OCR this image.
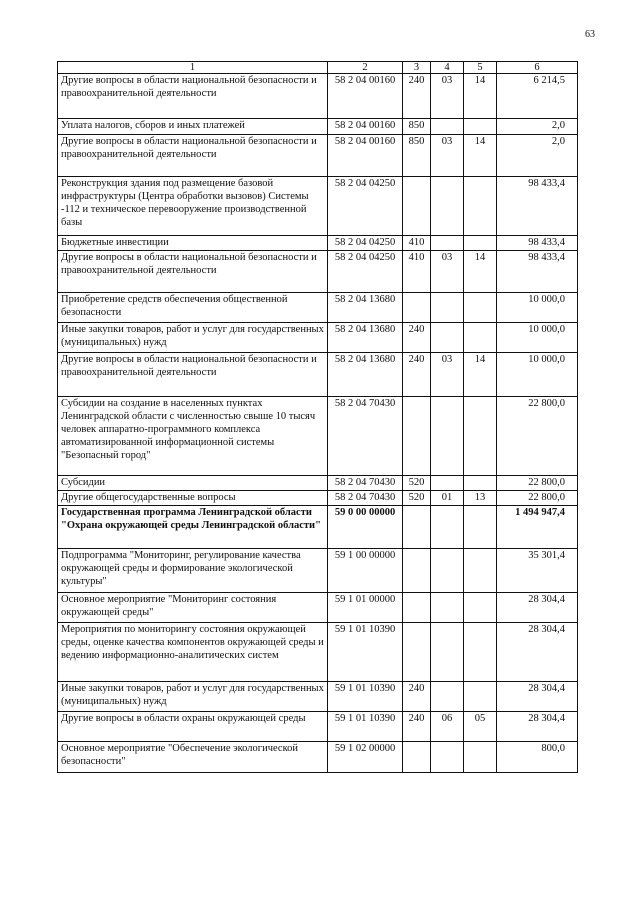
63
1	2	3	4	5	6
Другие вопросы в области национальной безопасности и правоохранительной деятельности	58 2 04 00160	240	03	14	6 214,5
Уплата налогов, сборов и иных платежей	58 2 04 00160	850			2,0
Другие вопросы в области национальной безопасности и правоохранительной деятельности	58 2 04 00160	850	03	14	2,0
Реконструкция здания под размещение базовой инфраструктуры (Центра обработки вызовов) Системы -112 и техническое перевооружение производственной базы	58 2 04 04250				98 433,4
Бюджетные инвестиции	58 2 04 04250	410			98 433,4
Другие вопросы в области национальной безопасности и правоохранительной деятельности	58 2 04 04250	410	03	14	98 433,4
Приобретение средств обеспечения общественной безопасности	58 2 04 13680				10 000,0
Иные закупки товаров, работ и услуг для государственных (муниципальных) нужд	58 2 04 13680	240			10 000,0
Другие вопросы в области национальной безопасности и правоохранительной деятельности	58 2 04 13680	240	03	14	10 000,0
Субсидии на создание в населенных пунктах Ленинградской области с численностью свыше 10 тысяч человек аппаратно-программного комплекса автоматизированной информационной системы "Безопасный город"	58 2 04 70430				22 800,0
Субсидии	58 2 04 70430	520			22 800,0
Другие общегосударственные вопросы	58 2 04 70430	520	01	13	22 800,0
Государственная программа Ленинградской области "Охрана окружающей среды Ленинградской области"	59 0 00 00000				1 494 947,4
Подпрограмма "Мониторинг, регулирование качества окружающей среды и формирование экологической культуры"	59 1 00 00000				35 301,4
Основное мероприятие "Мониторинг состояния окружающей среды"	59 1 01 00000				28 304,4
Мероприятия по мониторингу состояния окружающей среды, оценке качества компонентов окружающей среды и ведению информационно-аналитических систем	59 1 01 10390				28 304,4
Иные закупки товаров, работ и услуг для государственных (муниципальных) нужд	59 1 01 10390	240			28 304,4
Другие вопросы в области охраны окружающей среды	59 1 01 10390	240	06	05	28 304,4
Основное мероприятие "Обеспечение экологической безопасности"	59 1 02 00000				800,0
